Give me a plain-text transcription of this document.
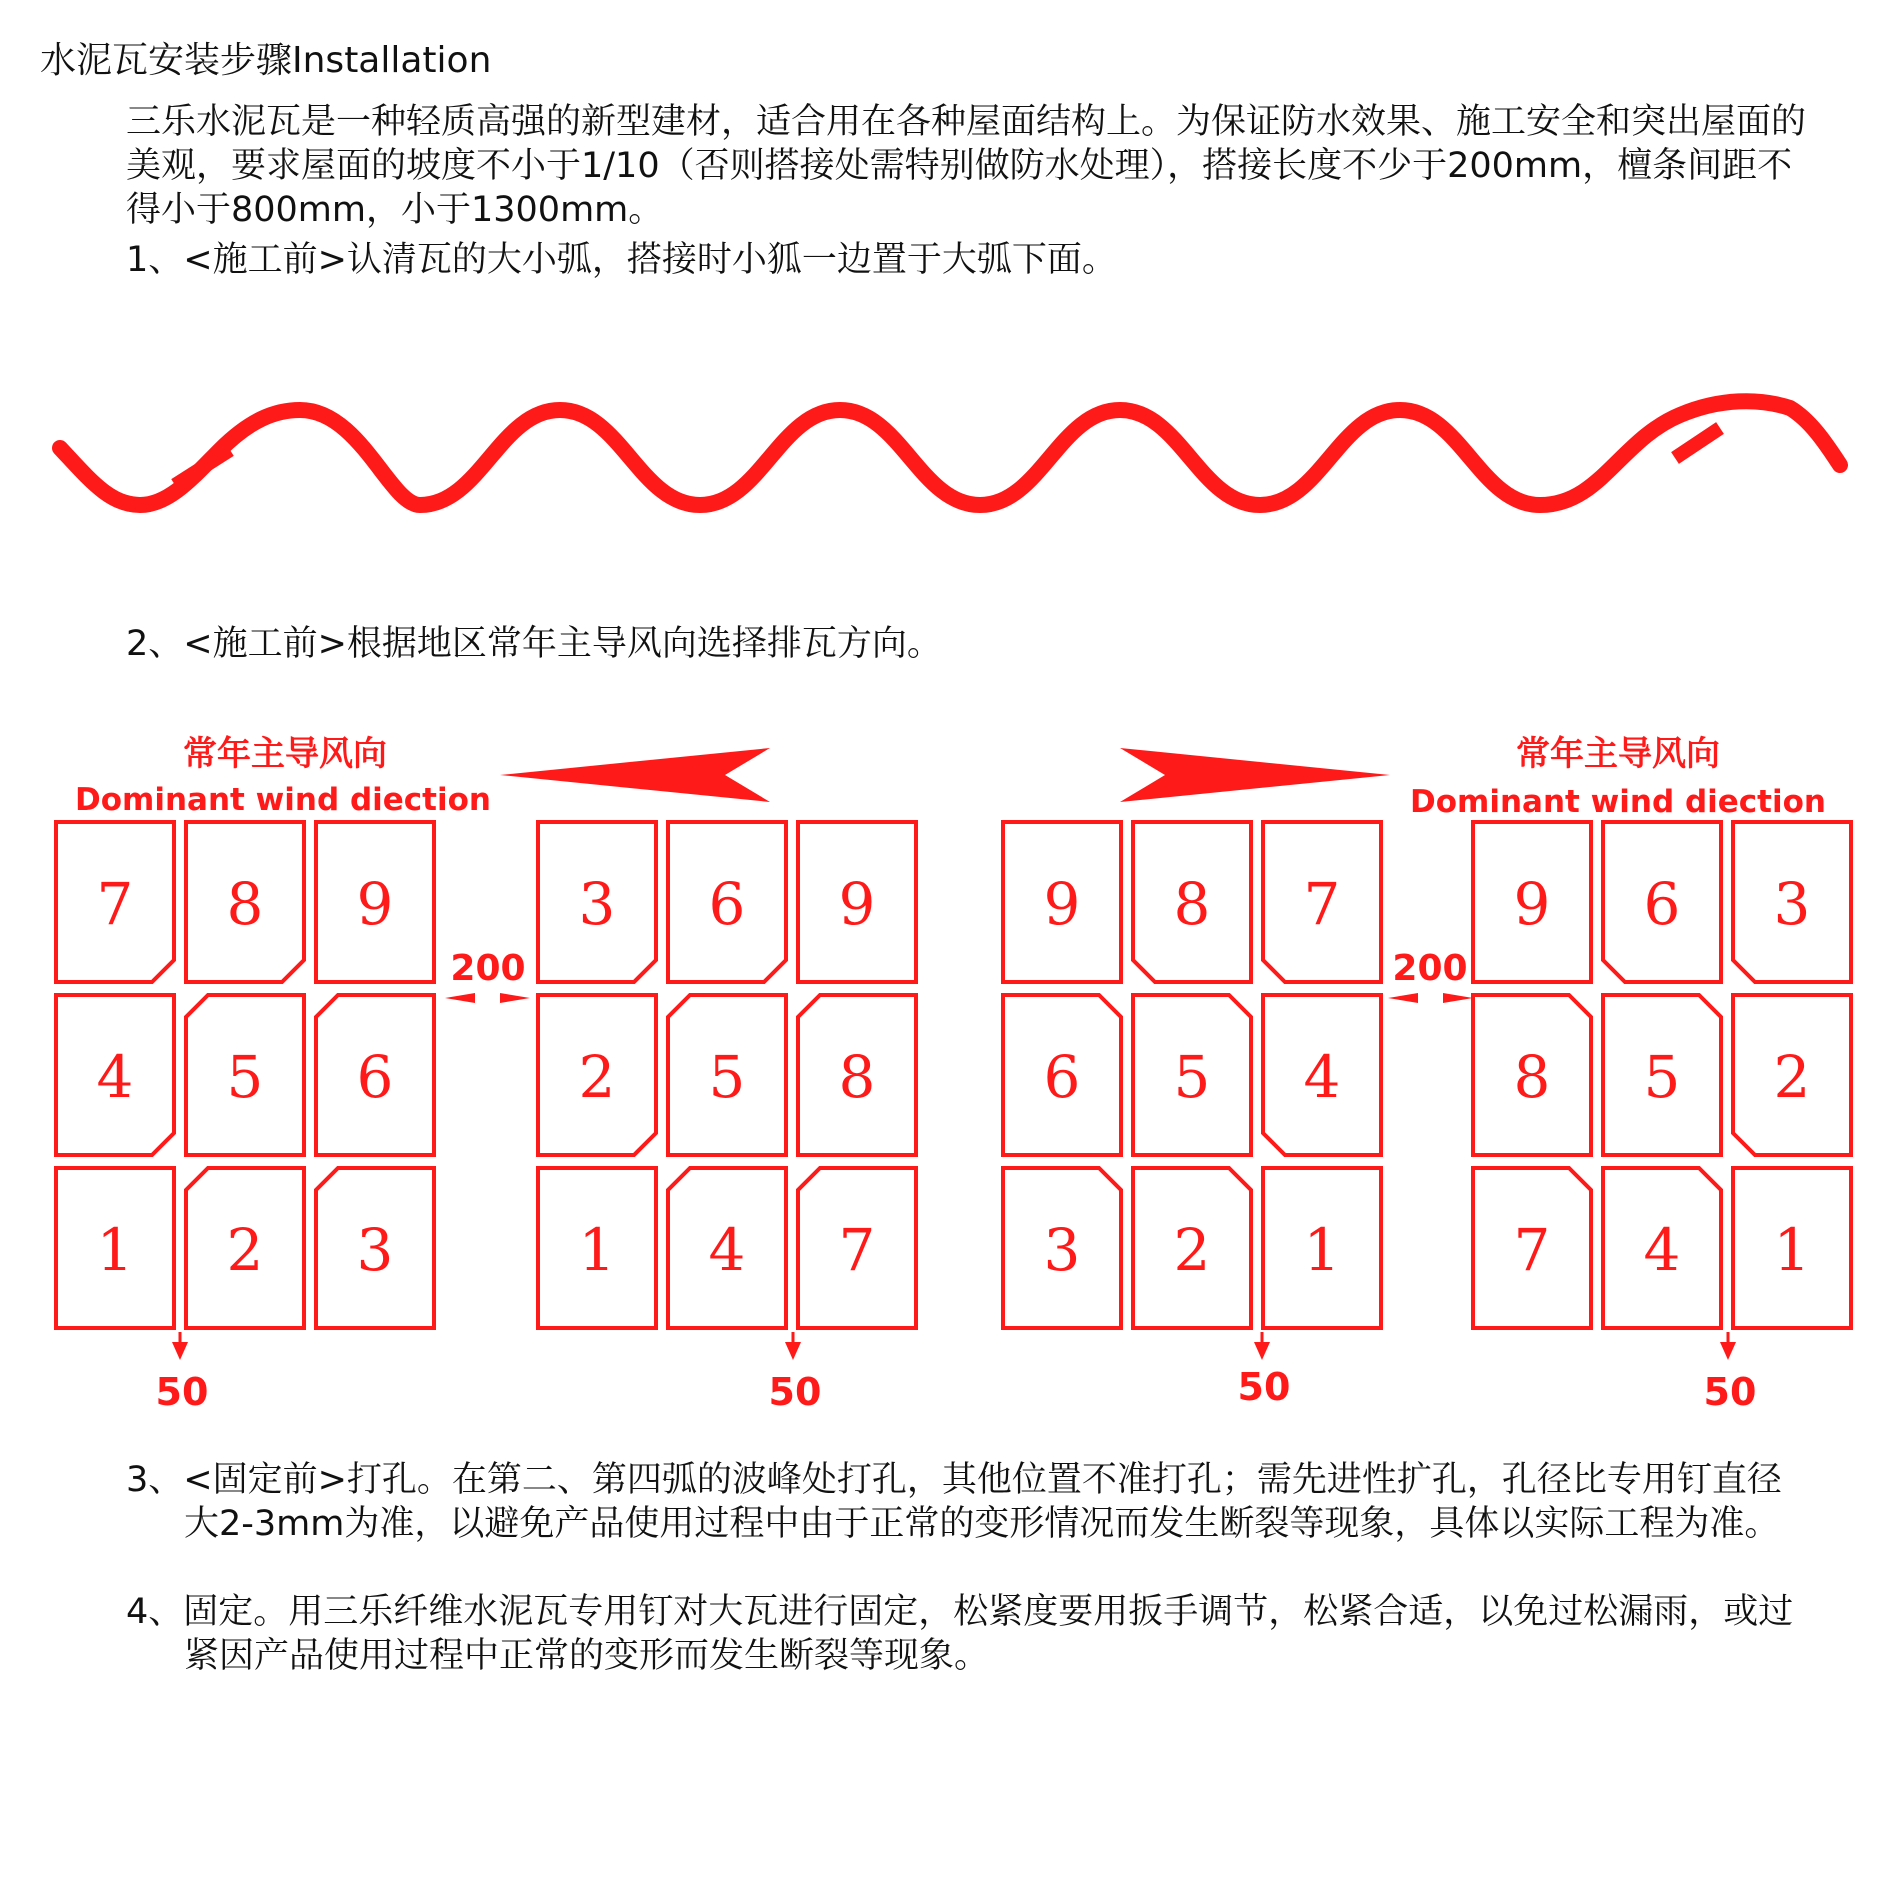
水泥瓦安装步骤Installation
三乐水泥瓦是一种轻质高强的新型建材，适合用在各种屋面结构上。为保证防水效果、施工安全和突出屋面的美观，要求屋面的坡度不小于1/10（否则搭接处需特别做防水处理），搭接长度不少于200mm，檀条间距不得小于800mm，小于1300mm。
1、<施工前>认清瓦的大小弧，搭接时小狐一边置于大弧下面。
2、<施工前>根据地区常年主导风向选择排瓦方向。
常年主导风向
Dominant wind diection
常年主导风向
Dominant wind diection
200	200
50	50	50	50
7 8 9
4 5 6
1 2 3
3 6 9
2 5 8
1 4 7
9 8 7
6 5 4
3 2 1
9 6 3
8 5 2
7 4 1
3、<固定前>打孔。在第二、第四弧的波峰处打孔，其他位置不准打孔；需先进性扩孔，孔径比专用钉直径大2-3mm为准，以避免产品使用过程中由于正常的变形情况而发生断裂等现象，具体以实际工程为准。
4、固定。用三乐纤维水泥瓦专用钉对大瓦进行固定，松紧度要用扳手调节，松紧合适，以免过松漏雨，或过紧因产品使用过程中正常的变形而发生断裂等现象。
